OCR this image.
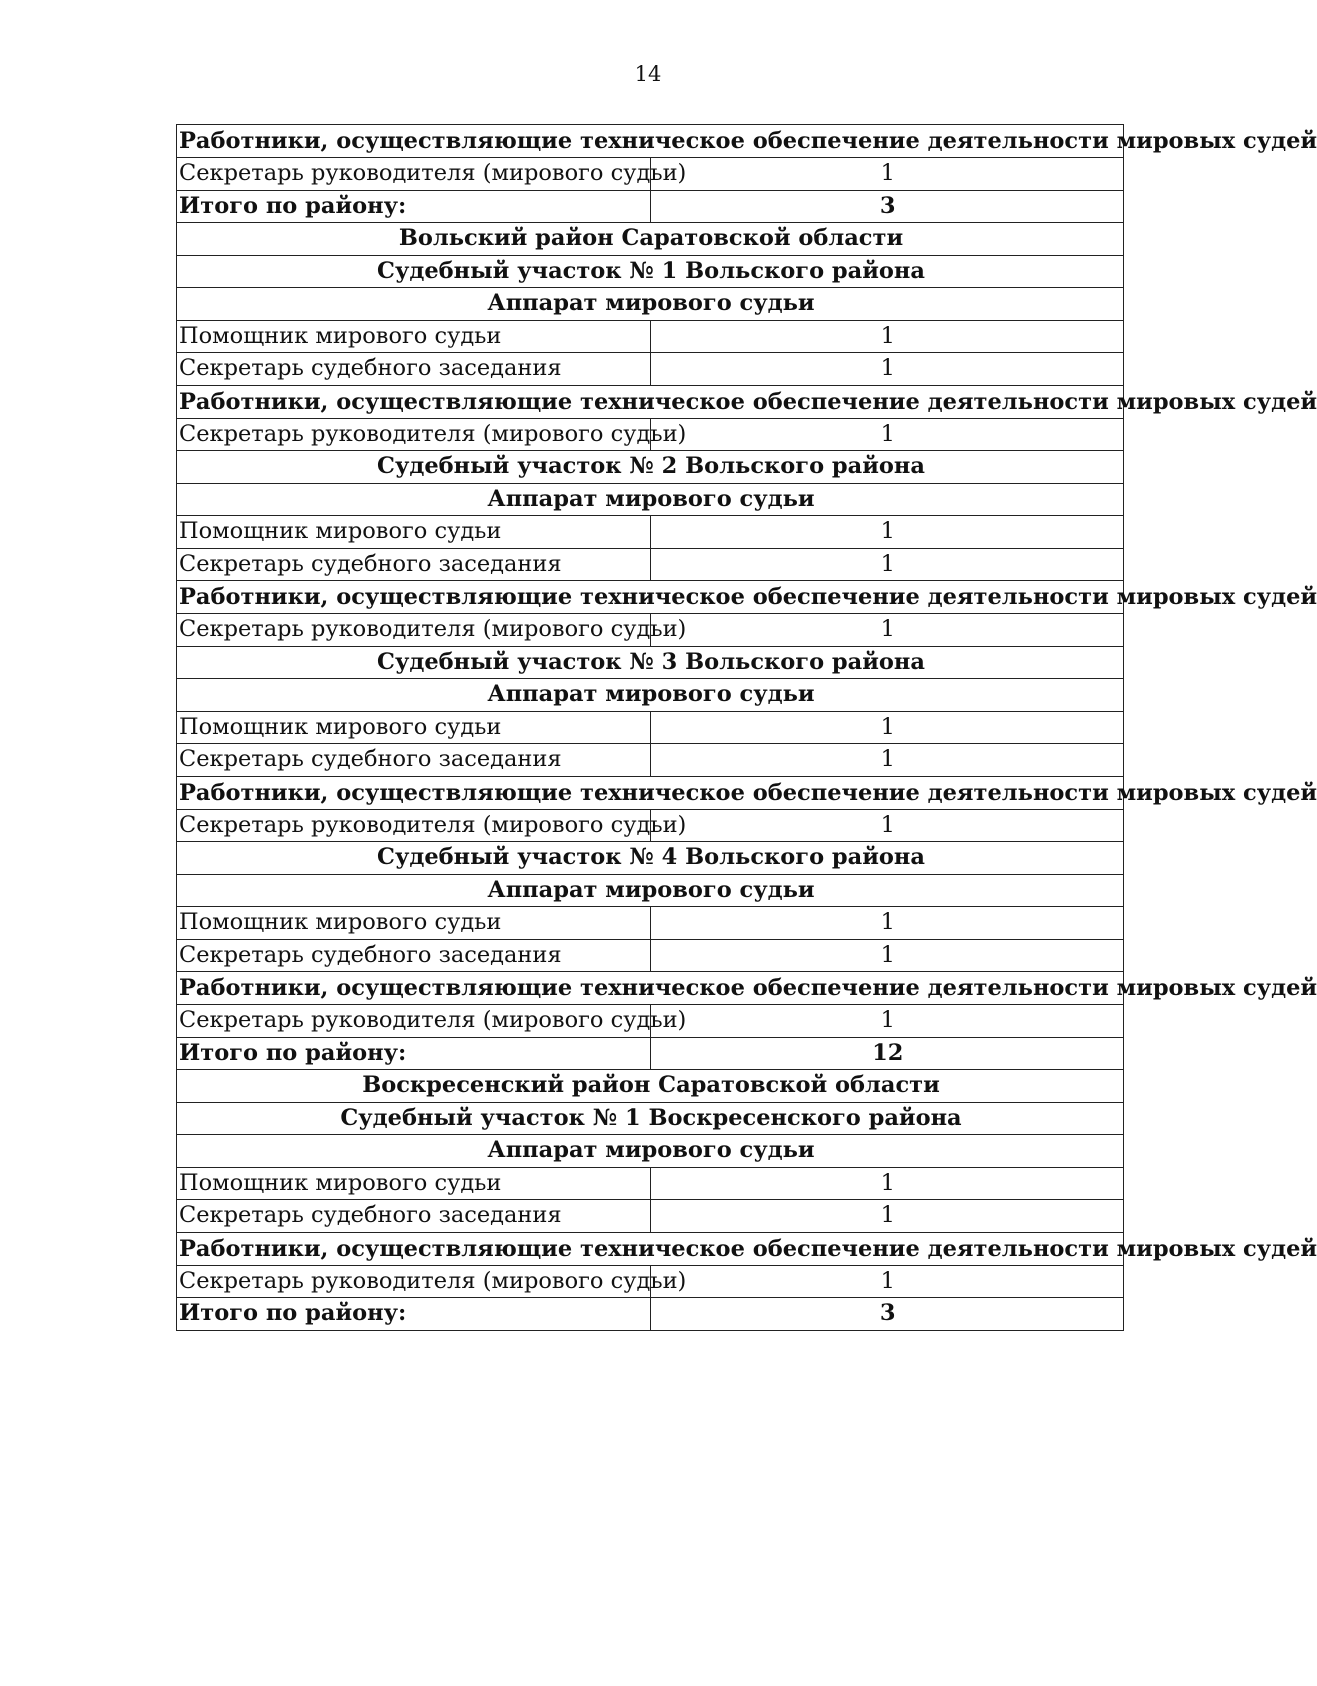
14
Работники, осуществляющие техническое обеспечение деятельности мировых судей	
Секретарь руководителя (мирового судьи)	1
Итого по району:	3
Вольский район Саратовской области	
Судебный участок № 1 Вольского района	
Аппарат мирового судьи	
Помощник мирового судьи	1
Секретарь судебного заседания	1
Работники, осуществляющие техническое обеспечение деятельности мировых судей	
Секретарь руководителя (мирового судьи)	1
Судебный участок № 2 Вольского района	
Аппарат мирового судьи	
Помощник мирового судьи	1
Секретарь судебного заседания	1
Работники, осуществляющие техническое обеспечение деятельности мировых судей	
Секретарь руководителя (мирового судьи)	1
Судебный участок № 3 Вольского района	
Аппарат мирового судьи	
Помощник мирового судьи	1
Секретарь судебного заседания	1
Работники, осуществляющие техническое обеспечение деятельности мировых судей	
Секретарь руководителя (мирового судьи)	1
Судебный участок № 4 Вольского района	
Аппарат мирового судьи	
Помощник мирового судьи	1
Секретарь судебного заседания	1
Работники, осуществляющие техническое обеспечение деятельности мировых судей	
Секретарь руководителя (мирового судьи)	1
Итого по району:	12
Воскресенский район Саратовской области	
Судебный участок № 1 Воскресенского района	
Аппарат мирового судьи	
Помощник мирового судьи	1
Секретарь судебного заседания	1
Работники, осуществляющие техническое обеспечение деятельности мировых судей	
Секретарь руководителя (мирового судьи)	1
Итого по району:	3
